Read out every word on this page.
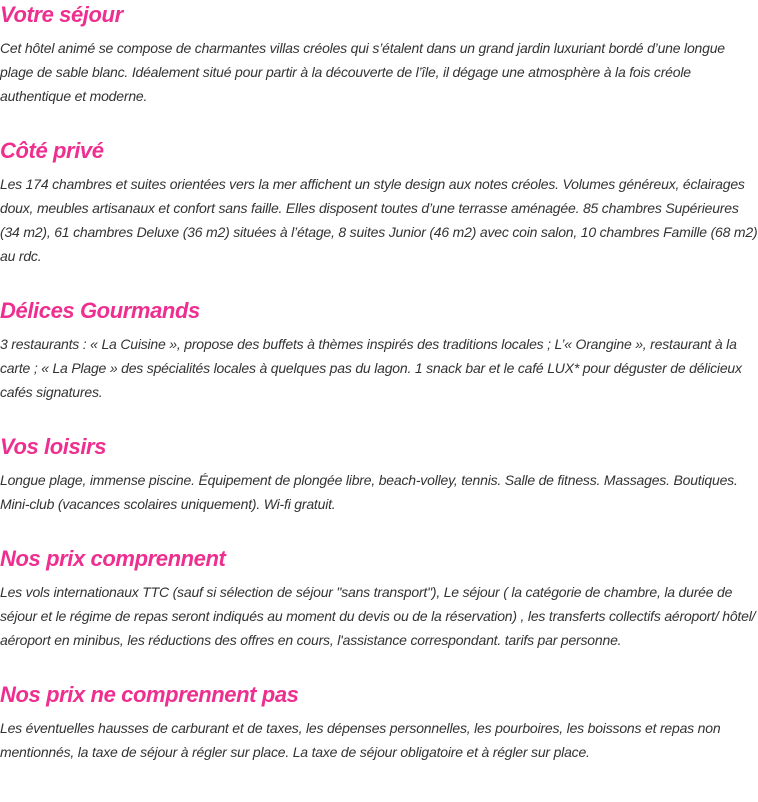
Votre séjour

Cet hôtel animé se compose de charmantes villas créoles qui s’étalent dans un grand jardin luxuriant bordé d’une longue plage de sable blanc. Idéalement situé pour partir à la découverte de l’île, il dégage une atmosphère à la fois créole authentique et moderne.

Côté privé

Les 174 chambres et suites orientées vers la mer affichent un style design aux notes créoles. Volumes généreux, éclairages doux, meubles artisanaux et confort sans faille. Elles disposent toutes d’une terrasse aménagée. 85 chambres Supérieures (34 m2), 61 chambres Deluxe (36 m2) situées à l’étage, 8 suites Junior (46 m2) avec coin salon, 10 chambres Famille (68 m2) au rdc.

Délices Gourmands

3 restaurants : « La Cuisine », propose des buffets à thèmes inspirés des traditions locales ; L’« Orangine », restaurant à la carte ; « La Plage » des spécialités locales à quelques pas du lagon. 1 snack bar et le café LUX* pour déguster de délicieux cafés signatures.

Vos loisirs

Longue plage, immense piscine. Équipement de plongée libre, beach-volley, tennis. Salle de fitness. Massages. Boutiques. Mini-club (vacances scolaires uniquement). Wi-fi gratuit.

Nos prix comprennent

Les vols internationaux TTC (sauf si sélection de séjour "sans transport"), Le séjour ( la catégorie de chambre, la durée de séjour et le régime de repas seront indiqués au moment du devis ou de la réservation) , les transferts collectifs aéroport/ hôtel/ aéroport en minibus, les réductions des offres en cours, l'assistance correspondant. tarifs par personne.

Nos prix ne comprennent pas

Les éventuelles hausses de carburant et de taxes, les dépenses personnelles, les pourboires, les boissons et repas non mentionnés, la taxe de séjour à régler sur place. La taxe de séjour obligatoire et à régler sur place.
